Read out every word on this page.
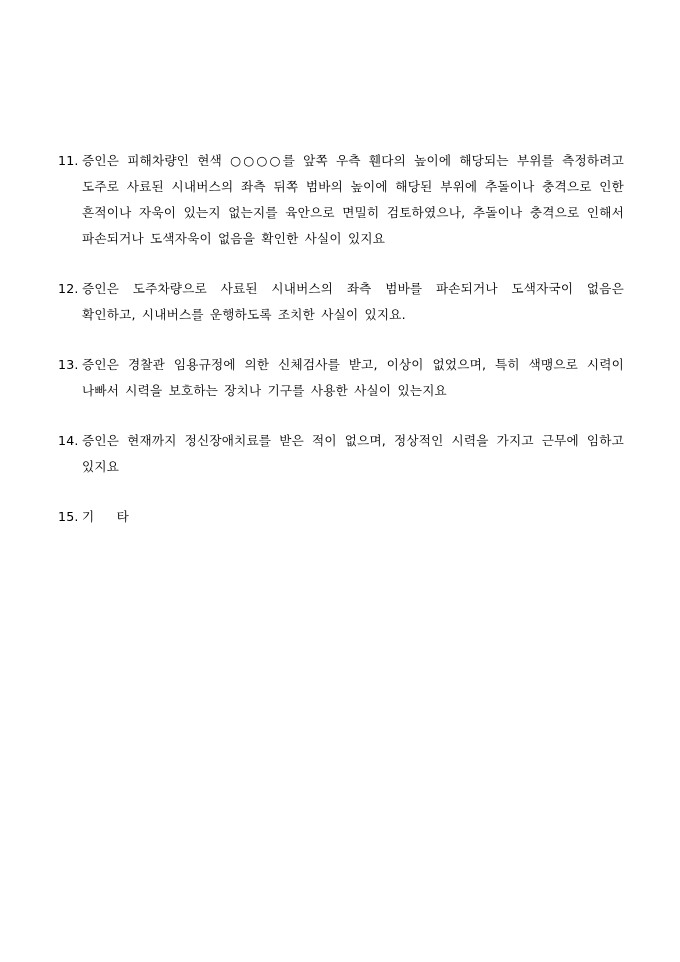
11. 증인은 피해차량인 현색 ○○○○를 앞쪽 우측 휀다의 높이에 해당되는 부위를 측정하려고 도주로 사료된 시내버스의 좌측 뒤쪽 범바의 높이에 해당된 부위에 추돌이나 충격으로 인한 흔적이나 자욱이 있는지 없는지를 육안으로 면밀히 검토하였으나, 추돌이나 충격으로 인해서 파손되거나 도색자욱이 없음을 확인한 사실이 있지요
12. 증인은 도주차량으로 사료된 시내버스의 좌측 범바를 파손되거나 도색자국이 없음은 확인하고, 시내버스를 운행하도록 조치한 사실이 있지요.
13. 증인은 경찰관 임용규정에 의한 신체검사를 받고, 이상이 없었으며, 특히 색맹으로 시력이 나빠서 시력을 보호하는 장치나 기구를 사용한 사실이 있는지요
14. 증인은 현재까지 정신장애치료를 받은 적이 없으며, 정상적인 시력을 가지고 근무에 임하고 있지요
15. 기 타
